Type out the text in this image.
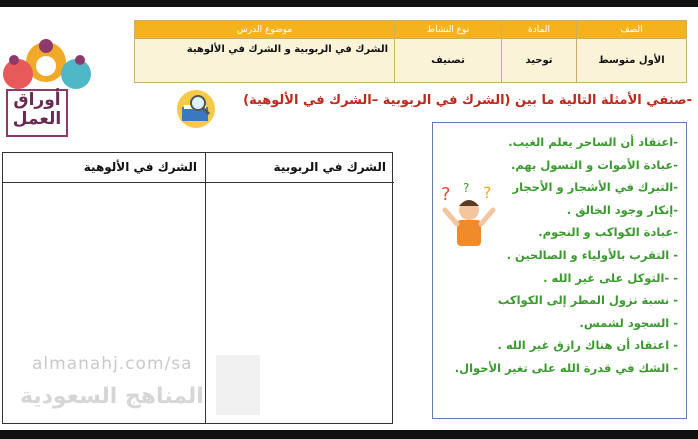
الصف	المادة	نوع النشاط	موضوع الدرس
الأول متوسط	توحيد	تصنيف	الشرك في الربوبية و الشرك في الألوهية
أوراق العمل
-صنفي الأمثلة التالية ما بين (الشرك في الربوبية –الشرك في الألوهية)
الشرك في الألوهية	الشرك في الربوبية
-اعتقاد أن الساحر يعلم الغيب.
-عبادة الأموات و التسول بهم.
-التبرك في الأشجار و الأحجار
-إنكار وجود الخالق .
-عبادة الكواكب و النجوم.
- التقرب بالأولياء و الصالحين .
- -التوكل على غير الله .
- نسبة نزول المطر إلى الكواكب
- السجود لشمس.
- اعتقاد أن هناك رازق غير الله .
- الشك في قدرة الله على تغير الأحوال.
? ?
?
almanahj.com/sa
المناهج السعودية
